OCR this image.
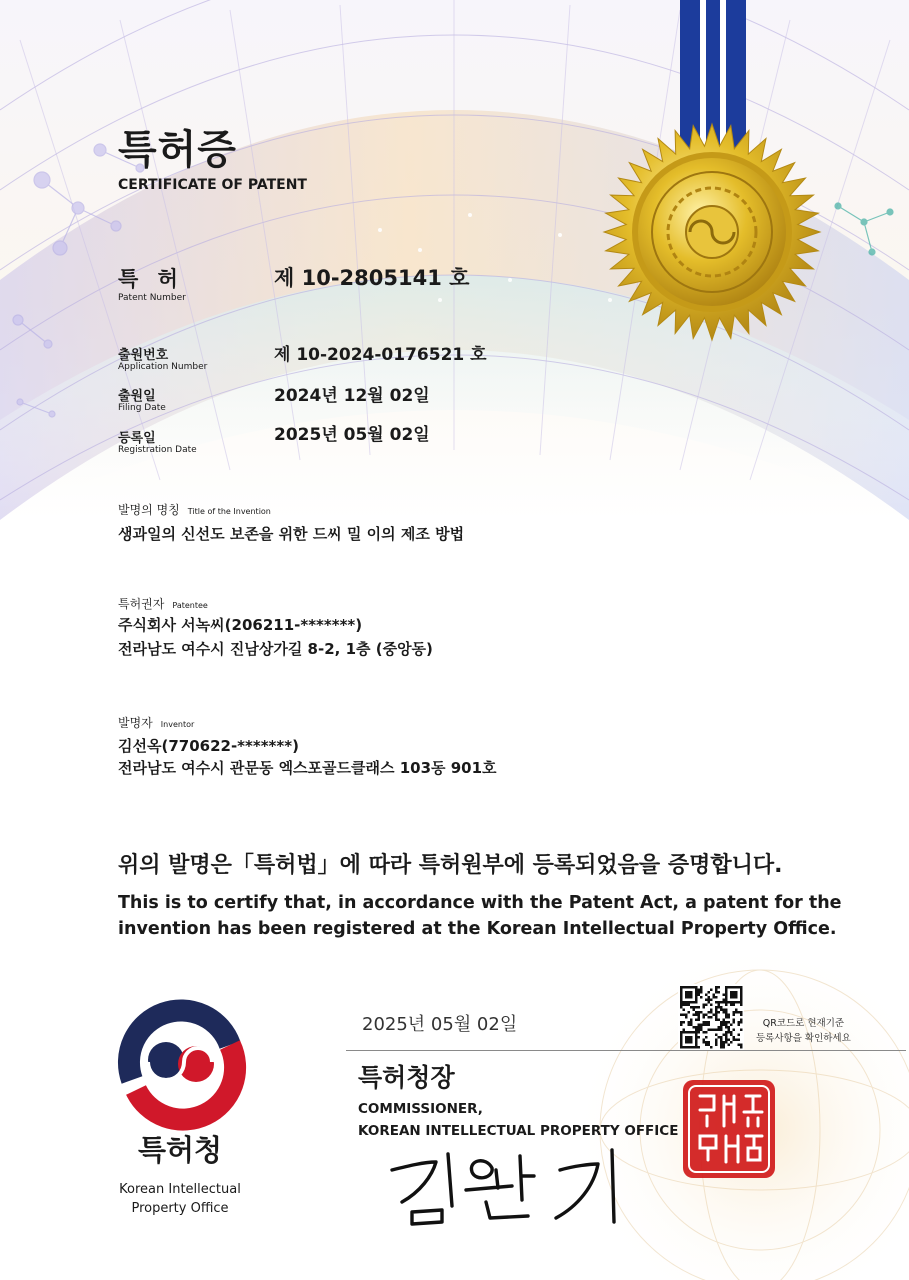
특허증
CERTIFICATE OF PATENT
특 허
Patent Number
제 10-2805141 호
출원번호
Application Number
제 10-2024-0176521 호
출원일
Filing Date
2024년 12월 02일
등록일
Registration Date
2025년 05월 02일
발명의 명칭 Title of the Invention
생과일의 신선도 보존을 위한 드씨 밀 이의 제조 방법
특허권자 Patentee
주식회사 서녹씨(206211-*******)
전라남도 여수시 진남상가길 8-2, 1층 (중앙동)
발명자 Inventor
김선옥(770622-*******)
전라남도 여수시 관문동 엑스포골드클래스 103동 901호
위의 발명은「특허법」에 따라 특허원부에 등록되었음을 증명합니다.
This is to certify that, in accordance with the Patent Act, a patent for the
invention has been registered at the Korean Intellectual Property Office.
2025년 05월 02일
특허청장
COMMISSIONER,
KOREAN INTELLECTUAL PROPERTY OFFICE
QR코드로 현재기준
등록사항을 확인하세요
특허청
Korean Intellectual
Property Office
